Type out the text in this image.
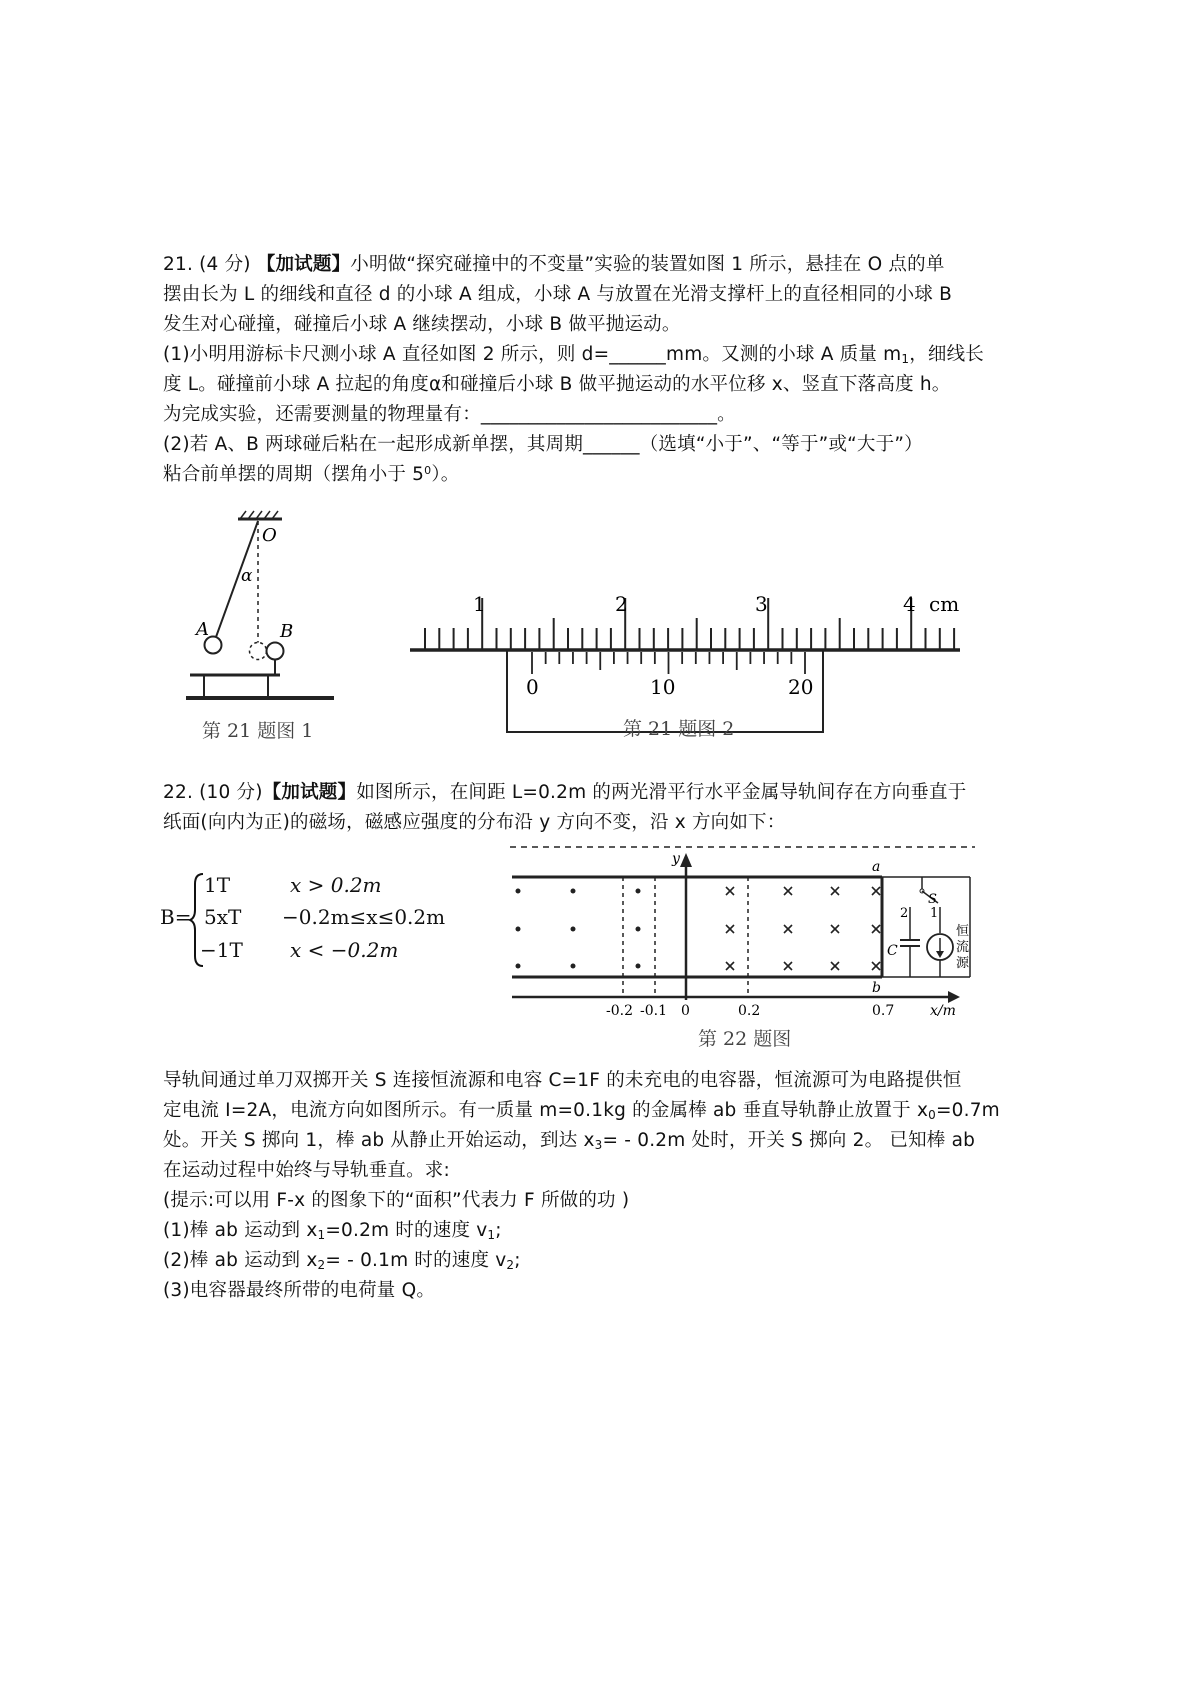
21. (4 分) 【加试题】小明做“探究碰撞中的不变量”实验的装置如图 1 所示，悬挂在 O 点的单
摆由长为 L 的细线和直径 d 的小球 A 组成，小球 A 与放置在光滑支撑杆上的直径相同的小球 B
发生对心碰撞，碰撞后小球 A 继续摆动，小球 B 做平抛运动。
(1)小明用游标卡尺测小球 A 直径如图 2 所示，则 d=______mm。又测的小球 A 质量 $m_1$，细线长
度 L。碰撞前小球 A 拉起的角度α和碰撞后小球 B 做平抛运动的水平位移 x、竖直下落高度 h。
为完成实验，还需要测量的物理量有：_________________________。
(2)若 A、B 两球碰后粘在一起形成新单摆，其周期______（选填“小于”、“等于”或“大于”）
粘合前单摆的周期（摆角小于 $5^0$）。
O
α
A	B
第 21 题图 1
1	2	3	4 cm
0	10	20
第 21 题图 2
22. (10 分)【加试题】如图所示，在间距 L=0.2m 的两光滑平行水平金属导轨间存在方向垂直于
纸面(向内为正)的磁场，磁感应强度的分布沿 y 方向不变，沿 x 方向如下：
B=
1T	x > 0.2m
5xT −0.2m≤x≤0.2m
−1T x < −0.2m
y	a
b
S
2 1
C
恒
流
源
-0.2 -0.1 0	0.2	0.7	x/m
第 22 题图
导轨间通过单刀双掷开关 S 连接恒流源和电容 C=1F 的未充电的电容器，恒流源可为电路提供恒
定电流 I=2A，电流方向如图所示。有一质量 m=0.1kg 的金属棒 ab 垂直导轨静止放置于 $x_0=0.7m$
处。开关 S 掷向 1，棒 ab 从静止开始运动，到达 $x_3= - 0.2m$ 处时，开关 S 掷向 2。 已知棒 ab
在运动过程中始终与导轨垂直。求:
(提示:可以用 F-x 的图象下的“面积”代表力 F 所做的功 )
(1)棒 ab 运动到 $x_1=0.2m$ 时的速度 $v_1$;
(2)棒 ab 运动到 $x_2= - 0.1m$ 时的速度 $v_2$;
(3)电容器最终所带的电荷量 Q。
